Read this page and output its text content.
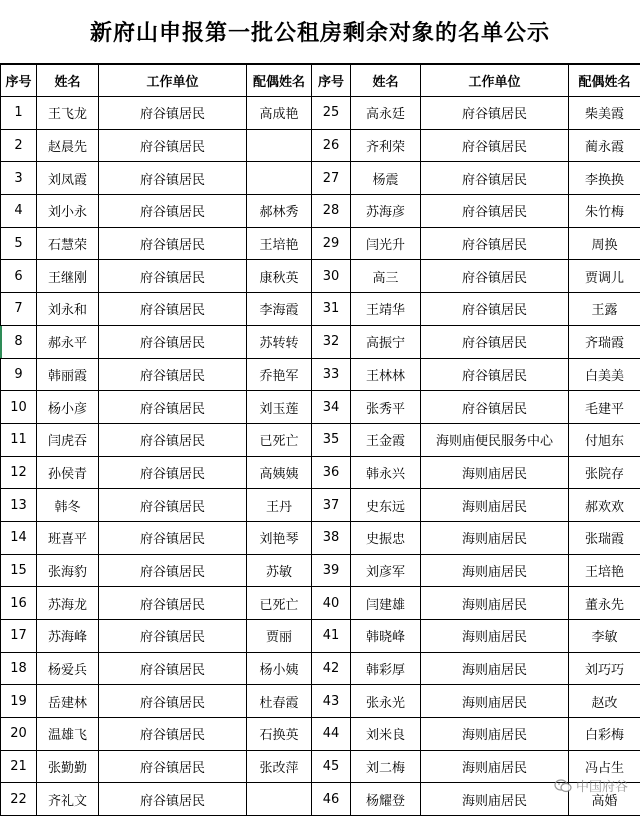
新府山申报第一批公租房剩余对象的名单公示
序号	姓名	工作单位	配偶姓名	序号	姓名	工作单位	配偶姓名
1	王飞龙	府谷镇居民	高成艳	25	高永廷	府谷镇居民	柴美霞
2	赵晨先	府谷镇居民		26	齐利荣	府谷镇居民	蔺永霞
3	刘凤霞	府谷镇居民		27	杨震	府谷镇居民	李换换
4	刘小永	府谷镇居民	郝林秀	28	苏海彦	府谷镇居民	朱竹梅
5	石慧荣	府谷镇居民	王培艳	29	闫光升	府谷镇居民	周换
6	王继刚	府谷镇居民	康秋英	30	高三	府谷镇居民	贾调儿
7	刘永和	府谷镇居民	李海霞	31	王靖华	府谷镇居民	王露
8	郝永平	府谷镇居民	苏转转	32	高振宁	府谷镇居民	齐瑞霞
9	韩丽霞	府谷镇居民	乔艳军	33	王林林	府谷镇居民	白美美
10	杨小彦	府谷镇居民	刘玉莲	34	张秀平	府谷镇居民	毛建平
11	闫虎吞	府谷镇居民	已死亡	35	王金霞	海则庙便民服务中心	付旭东
12	孙侯青	府谷镇居民	高姨姨	36	韩永兴	海则庙居民	张院存
13	韩冬	府谷镇居民	王丹	37	史东远	海则庙居民	郝欢欢
14	班喜平	府谷镇居民	刘艳琴	38	史振忠	海则庙居民	张瑞霞
15	张海豹	府谷镇居民	苏敏	39	刘彦军	海则庙居民	王培艳
16	苏海龙	府谷镇居民	已死亡	40	闫建雄	海则庙居民	董永先
17	苏海峰	府谷镇居民	贾丽	41	韩晓峰	海则庙居民	李敏
18	杨爱兵	府谷镇居民	杨小姨	42	韩彩厚	海则庙居民	刘巧巧
19	岳建林	府谷镇居民	杜春霞	43	张永光	海则庙居民	赵改
20	温雄飞	府谷镇居民	石换英	44	刘米良	海则庙居民	白彩梅
21	张勤勤	府谷镇居民	张改萍	45	刘二梅	海则庙居民	冯占生
22	齐礼文	府谷镇居民		46	杨耀登	海则庙居民	高婚
中国府谷
